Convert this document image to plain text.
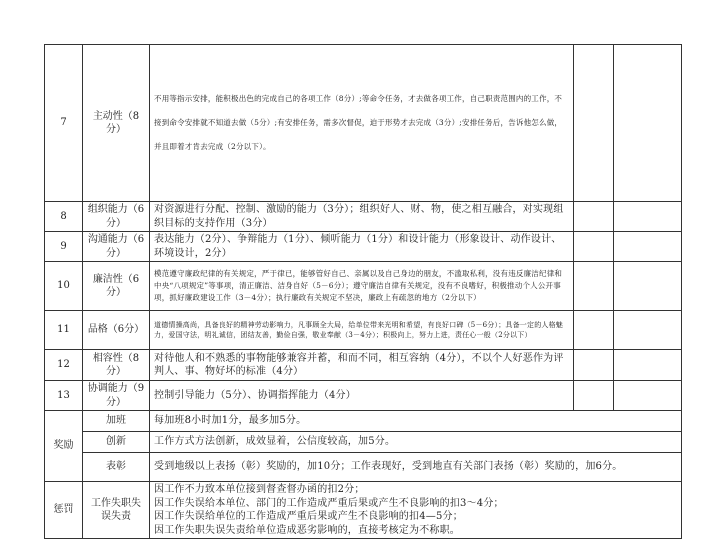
7	主动性（8分）	不用等指示安排，能积极出色的完成自己的各项工作（8分）;等命令任务，才去做各项工作，自己职责范围内的工作，不接到命令安排就不知道去做（5分）;有安排任务，需多次督促，迫于形势才去完成（3分）;安排任务后，告诉他怎么做，并且即着才肯去完成（2分以下）。		
8	组织能力（6分）	对资源进行分配、控制、激励的能力（3分）；组织好人、财、物，使之相互融合，对实现组织目标的支持作用（3分）		
9	沟通能力（6分）	表达能力（2分）、争辩能力（1分）、倾听能力（1分）和设计能力（形象设计、动作设计、环境设计，2分）		
10	廉洁性（6分）	模范遵守廉政纪律的有关规定，严于律已，能够管好自己、亲属以及自己身边的朋友，不滥取私利，没有违反廉洁纪律和中央“八项规定”等事项，清正廉洁、洁身自好（5－6分）；遵守廉洁自律有关规定，没有不良嗜好，积极推动个人公开事项，抓好廉政建设工作（3－4分）；执行廉政有关规定不坚决，廉政上有疏忽的地方（2分以下）		
11	品格（6分）	道德情操高尚，具备良好的精神劳动影响力，凡事顾全大局，给单位带来光明和希望，有良好口碑（5－6分）；具备一定的人格魅力，爱国守法，明礼诚信，团结友善，勤俭自强，敬业奉献（3－4分）；积极向上，努力上进，责任心一般（2分以下）		
12	相容性（8分）	对待他人和不熟悉的事物能够兼容并蓄，和而不同，相互容纳（4分），不以个人好恶作为评判人、事、物好坏的标准（4分）		
13	协调能力（9分）	控制引导能力（5分）、协调指挥能力（4分）		
奖励	加班	每加班8小时加1分，最多加5分。		
	创新	工作方式方法创新，成效显着，公信度较高，加5分。		
	表彰	受到地级以上表扬（彰）奖励的，加10分；工作表现好，受到地直有关部门表扬（彰）奖励的，加6分。		
惩罚	工作失职失误失责	因工作不力致本单位接到督查督办函的扣2分；
因工作失误给本单位、部门的工作造成严重后果或产生不良影响的扣3～4分；
因工作失误给单位的工作造成严重后果或产生不良影响的扣4—5分；
因工作失职失误失责给单位造成恶劣影响的，直接考核定为不称职。		
